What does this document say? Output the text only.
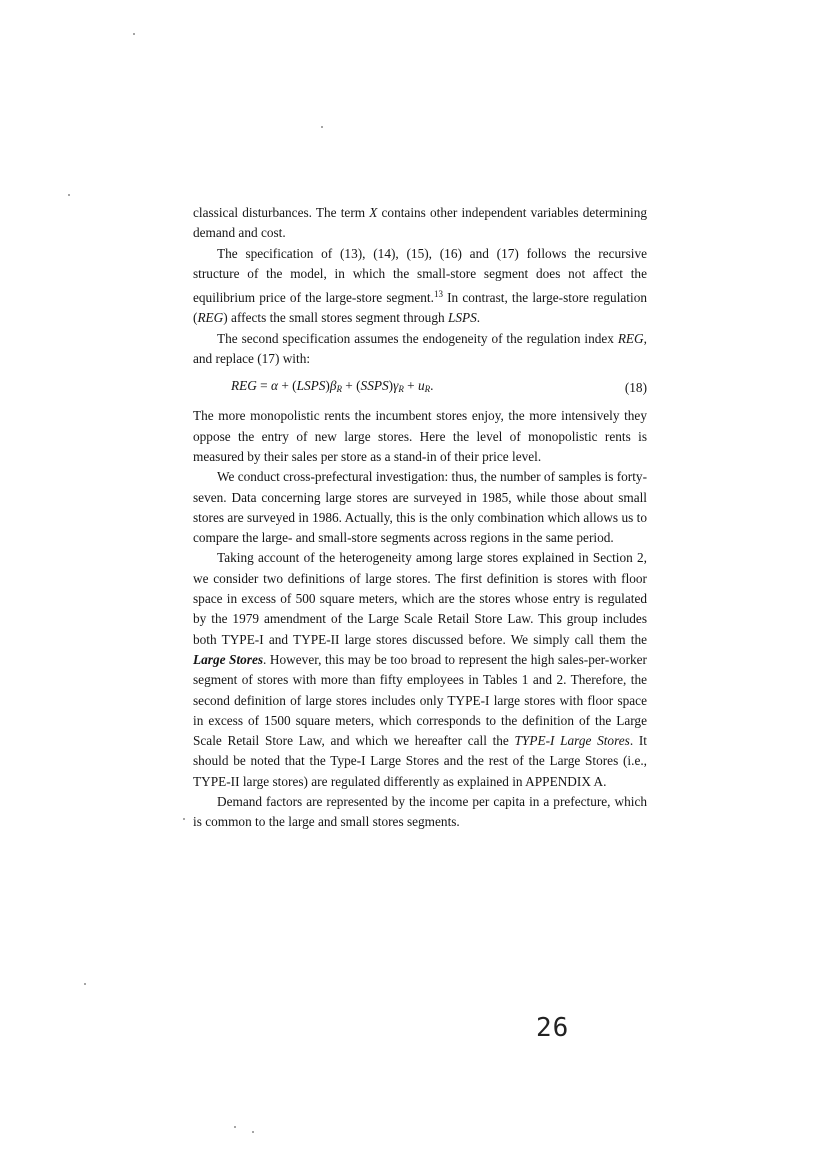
classical disturbances. The term X contains other independent variables determining demand and cost.

The specification of (13), (14), (15), (16) and (17) follows the recursive structure of the model, in which the small-store segment does not affect the equilibrium price of the large-store segment.$^{13}$ In contrast, the large-store regulation (REG) affects the small stores segment through LSPS.

The second specification assumes the endogeneity of the regulation index REG, and replace (17) with:

REG = $\alpha + (LSPS)\beta_R$ + $(SSPS)\gamma_R + u_R$.	(18)

The more monopolistic rents the incumbent stores enjoy, the more intensively they oppose the entry of new large stores. Here the level of monopolistic rents is measured by their sales per store as a stand-in of their price level.

We conduct cross-prefectural investigation: thus, the number of samples is forty-seven. Data concerning large stores are surveyed in 1985, while those about small stores are surveyed in 1986. Actually, this is the only combination which allows us to compare the large- and small-store segments across regions in the same period.

Taking account of the heterogeneity among large stores explained in Section 2, we consider two definitions of large stores. The first definition is stores with floor space in excess of 500 square meters, which are the stores whose entry is regulated by the 1979 amendment of the Large Scale Retail Store Law. This group includes both TYPE-I and TYPE-II large stores discussed before. We simply call them the Large Stores. However, this may be too broad to represent the high sales-per-worker segment of stores with more than fifty employees in Tables 1 and 2. Therefore, the second definition of large stores includes only TYPE-I large stores with floor space in excess of 1500 square meters, which corresponds to the definition of the Large Scale Retail Store Law, and which we hereafter call the TYPE-I Large Stores. It should be noted that the Type-I Large Stores and the rest of the Large Stores (i.e., TYPE-II large stores) are regulated differently as explained in APPENDIX A.

Demand factors are represented by the income per capita in a prefecture, which is common to the large and small stores segments.

26
